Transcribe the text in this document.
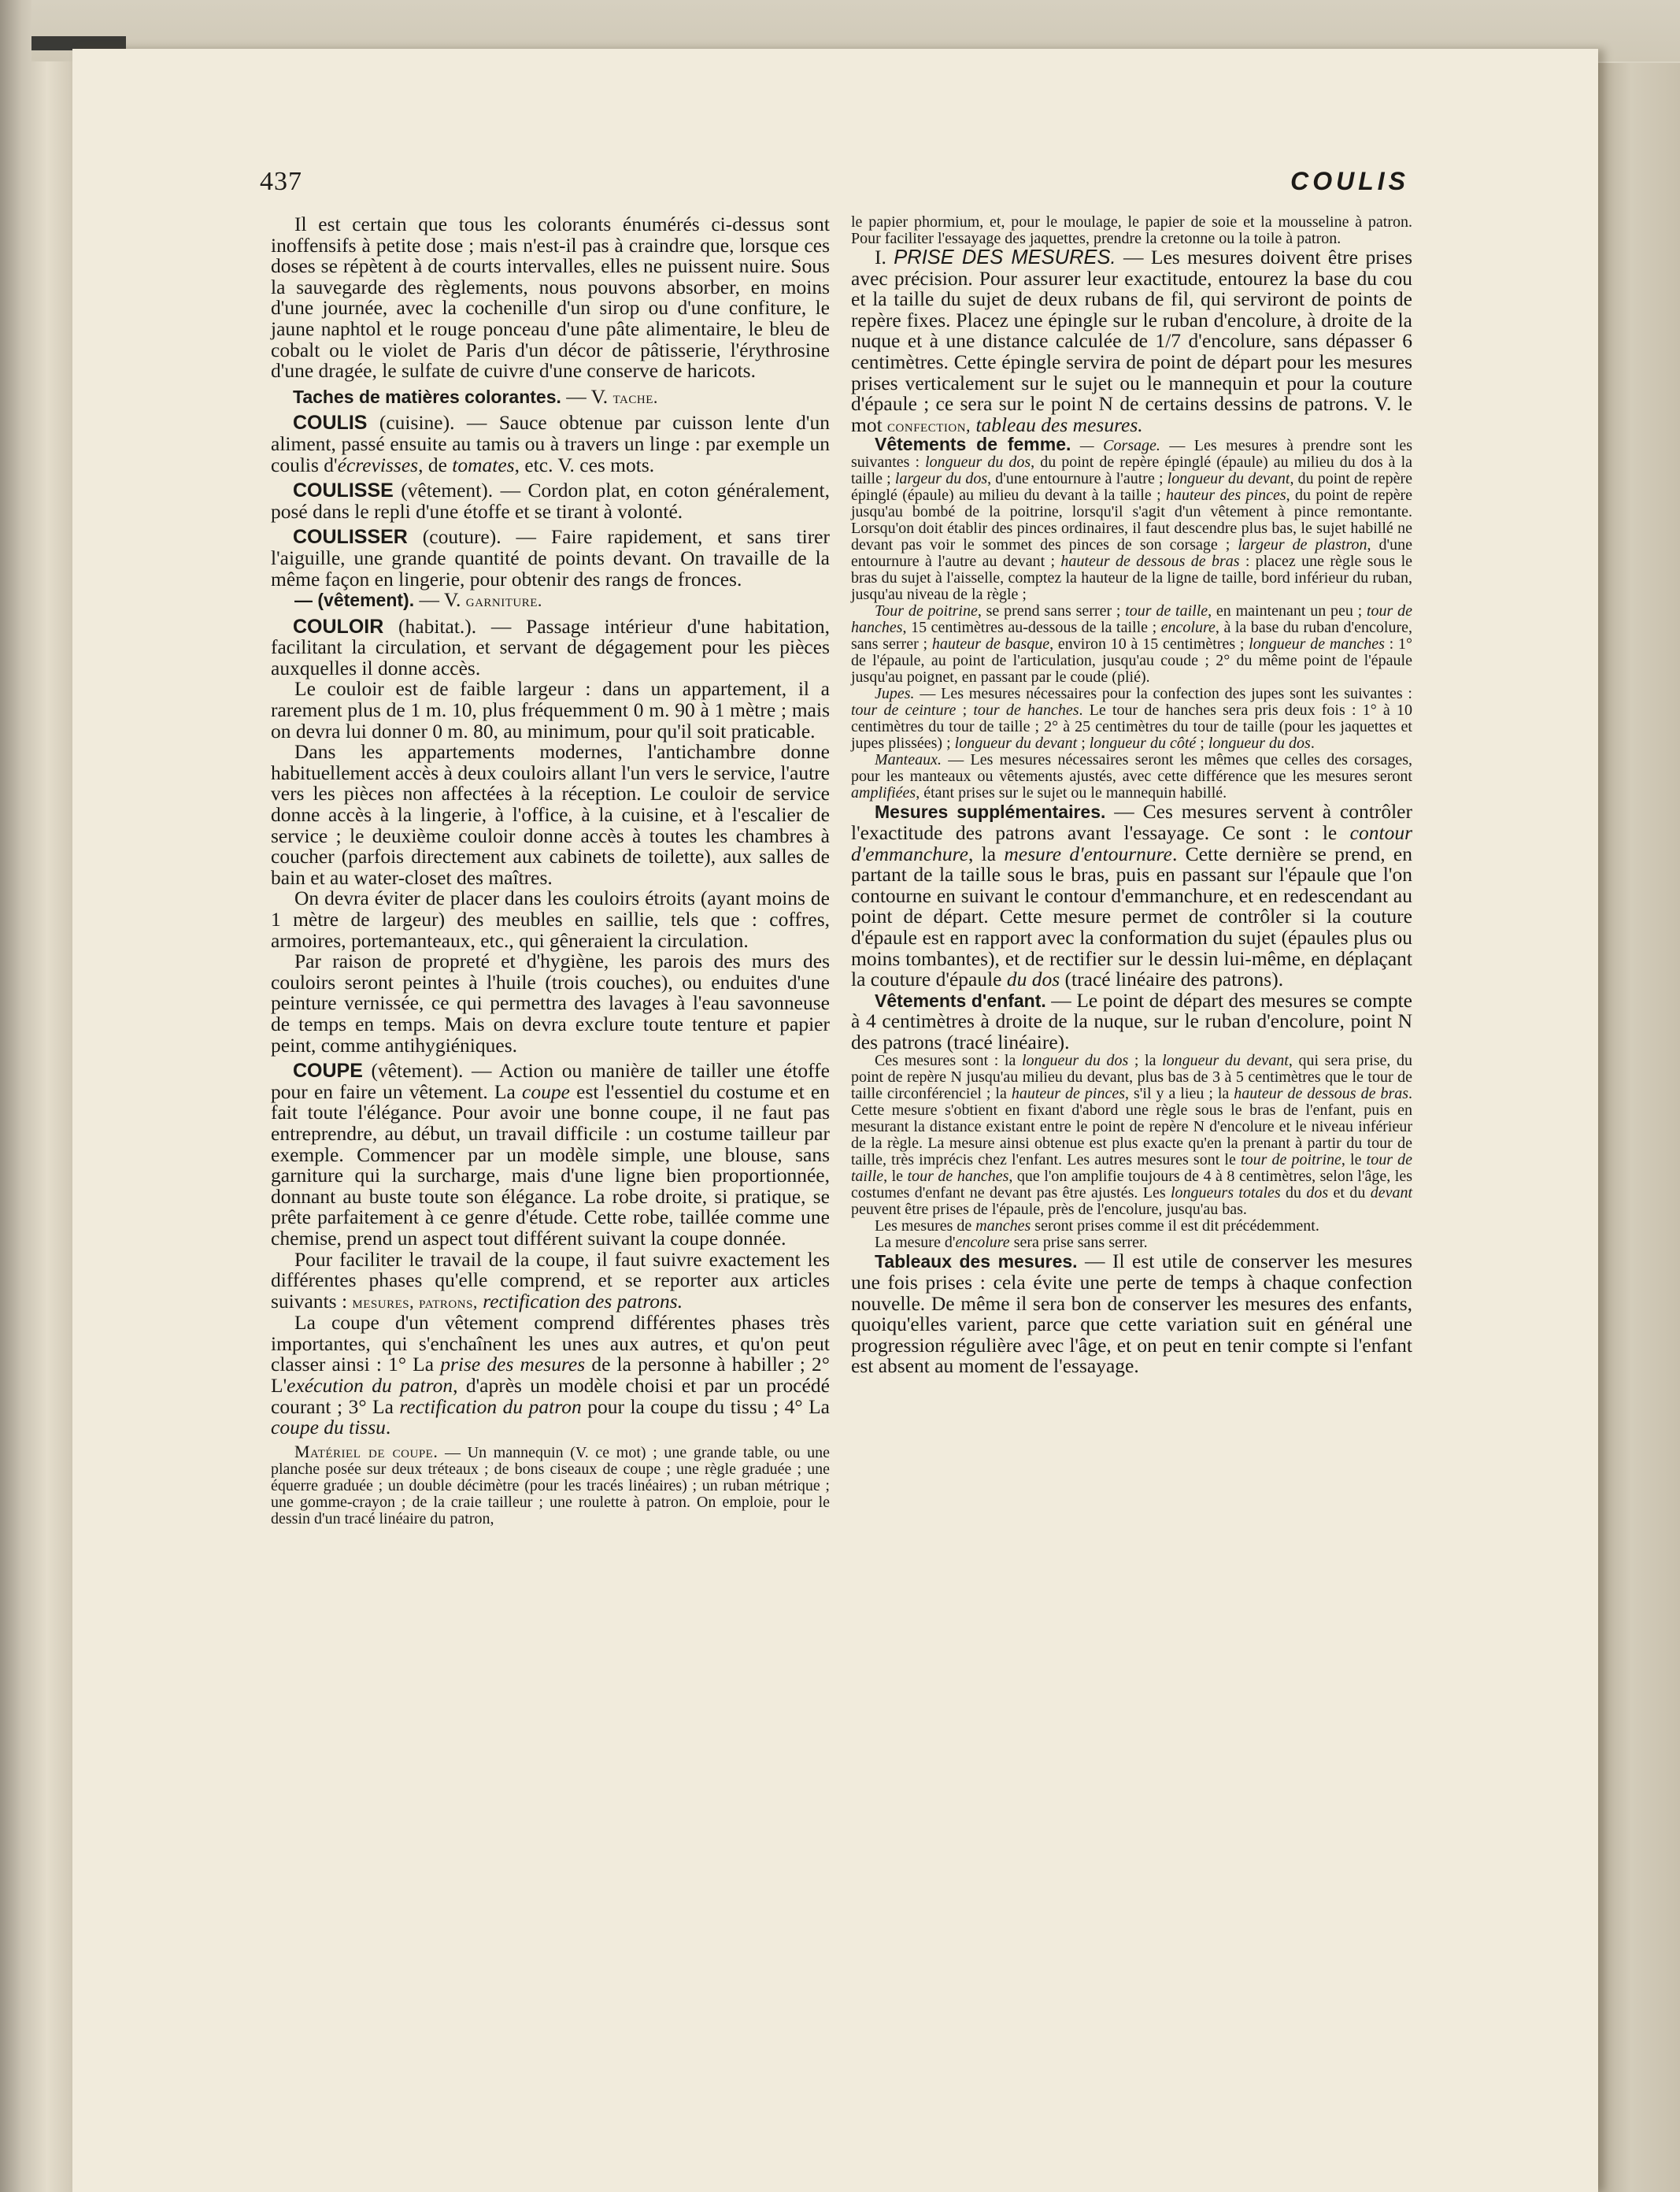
437	COULIS

Il est certain que tous les colorants énumérés ci-dessus sont inoffensifs à petite dose ; mais n'est-il pas à craindre que, lorsque ces doses se répètent à de courts intervalles, elles ne puissent nuire. Sous la sauvegarde des règlements, nous pouvons absorber, en moins d'une journée, avec la cochenille d'un sirop ou d'une confiture, le jaune naphtol et le rouge ponceau d'une pâte alimentaire, le bleu de cobalt ou le violet de Paris d'un décor de pâtisserie, l'érythrosine d'une dragée, le sulfate de cuivre d'une conserve de haricots.

Taches de matières colorantes. — V. tache.

COULIS (cuisine). — Sauce obtenue par cuisson lente d'un aliment, passé ensuite au tamis ou à travers un linge : par exemple un coulis d'écrevisses, de tomates, etc. V. ces mots.

COULISSE (vêtement). — Cordon plat, en coton généralement, posé dans le repli d'une étoffe et se tirant à volonté.

COULISSER (couture). — Faire rapidement, et sans tirer l'aiguille, une grande quantité de points devant. On travaille de la même façon en lingerie, pour obtenir des rangs de fronces.

— (vêtement). — V. garniture.

COULOIR (habitat.). — Passage intérieur d'une habitation, facilitant la circulation, et servant de dégagement pour les pièces auxquelles il donne accès.

Le couloir est de faible largeur : dans un appartement, il a rarement plus de 1 m. 10, plus fréquemment 0 m. 90 à 1 mètre ; mais on devra lui donner 0 m. 80, au minimum, pour qu'il soit praticable.

Dans les appartements modernes, l'antichambre donne habituellement accès à deux couloirs allant l'un vers le service, l'autre vers les pièces non affectées à la réception. Le couloir de service donne accès à la lingerie, à l'office, à la cuisine, et à l'escalier de service ; le deuxième couloir donne accès à toutes les chambres à coucher (parfois directement aux cabinets de toilette), aux salles de bain et au water-closet des maîtres.

On devra éviter de placer dans les couloirs étroits (ayant moins de 1 mètre de largeur) des meubles en saillie, tels que : coffres, armoires, portemanteaux, etc., qui gêneraient la circulation.

Par raison de propreté et d'hygiène, les parois des murs des couloirs seront peintes à l'huile (trois couches), ou enduites d'une peinture vernissée, ce qui permettra des lavages à l'eau savonneuse de temps en temps. Mais on devra exclure toute tenture et papier peint, comme antihygiéniques.

COUPE (vêtement). — Action ou manière de tailler une étoffe pour en faire un vêtement. La coupe est l'essentiel du costume et en fait toute l'élégance. Pour avoir une bonne coupe, il ne faut pas entreprendre, au début, un travail difficile : un costume tailleur par exemple. Commencer par un modèle simple, une blouse, sans garniture qui la surcharge, mais d'une ligne bien proportionnée, donnant au buste toute son élégance. La robe droite, si pratique, se prête parfaitement à ce genre d'étude. Cette robe, taillée comme une chemise, prend un aspect tout différent suivant la coupe donnée.

Pour faciliter le travail de la coupe, il faut suivre exactement les différentes phases qu'elle comprend, et se reporter aux articles suivants : mesures, patrons, rectification des patrons.

La coupe d'un vêtement comprend différentes phases très importantes, qui s'enchaînent les unes aux autres, et qu'on peut classer ainsi : 1° La prise des mesures de la personne à habiller ; 2° L'exécution du patron, d'après un modèle choisi et par un procédé courant ; 3° La rectification du patron pour la coupe du tissu ; 4° La coupe du tissu.

Matériel de coupe. — Un mannequin (V. ce mot) ; une grande table, ou une planche posée sur deux tréteaux ; de bons ciseaux de coupe ; une règle graduée ; une équerre graduée ; un double décimètre (pour les tracés linéaires) ; un ruban métrique ; une gomme-crayon ; de la craie tailleur ; une roulette à patron. On emploie, pour le dessin d'un tracé linéaire du patron,

le papier phormium, et, pour le moulage, le papier de soie et la mousseline à patron. Pour faciliter l'essayage des jaquettes, prendre la cretonne ou la toile à patron.

I. PRISE DES MESURES. — Les mesures doivent être prises avec précision. Pour assurer leur exactitude, entourez la base du cou et la taille du sujet de deux rubans de fil, qui serviront de points de repère fixes. Placez une épingle sur le ruban d'encolure, à droite de la nuque et à une distance calculée de 1/7 d'encolure, sans dépasser 6 centimètres. Cette épingle servira de point de départ pour les mesures prises verticalement sur le sujet ou le mannequin et pour la couture d'épaule ; ce sera sur le point N de certains dessins de patrons. V. le mot confection, tableau des mesures.

Vêtements de femme. — Corsage. — Les mesures à prendre sont les suivantes : longueur du dos, du point de repère épinglé (épaule) au milieu du dos à la taille ; largeur du dos, d'une entournure à l'autre ; longueur du devant, du point de repère épinglé (épaule) au milieu du devant à la taille ; hauteur des pinces, du point de repère jusqu'au bombé de la poitrine, lorsqu'il s'agit d'un vêtement à pince remontante. Lorsqu'on doit établir des pinces ordinaires, il faut descendre plus bas, le sujet habillé ne devant pas voir le sommet des pinces de son corsage ; largeur de plastron, d'une entournure à l'autre au devant ; hauteur de dessous de bras : placez une règle sous le bras du sujet à l'aisselle, comptez la hauteur de la ligne de taille, bord inférieur du ruban, jusqu'au niveau de la règle ;

Tour de poitrine, se prend sans serrer ; tour de taille, en maintenant un peu ; tour de hanches, 15 centimètres au-dessous de la taille ; encolure, à la base du ruban d'encolure, sans serrer ; hauteur de basque, environ 10 à 15 centimètres ; longueur de manches : 1° de l'épaule, au point de l'articulation, jusqu'au coude ; 2° du même point de l'épaule jusqu'au poignet, en passant par le coude (plié).

Jupes. — Les mesures nécessaires pour la confection des jupes sont les suivantes : tour de ceinture ; tour de hanches. Le tour de hanches sera pris deux fois : 1° à 10 centimètres du tour de taille ; 2° à 25 centimètres du tour de taille (pour les jaquettes et jupes plissées) ; longueur du devant ; longueur du côté ; longueur du dos.

Manteaux. — Les mesures nécessaires seront les mêmes que celles des corsages, pour les manteaux ou vêtements ajustés, avec cette différence que les mesures seront amplifiées, étant prises sur le sujet ou le mannequin habillé.

Mesures supplémentaires. — Ces mesures servent à contrôler l'exactitude des patrons avant l'essayage. Ce sont : le contour d'emmanchure, la mesure d'entournure. Cette dernière se prend, en partant de la taille sous le bras, puis en passant sur l'épaule que l'on contourne en suivant le contour d'emmanchure, et en redescendant au point de départ. Cette mesure permet de contrôler si la couture d'épaule est en rapport avec la conformation du sujet (épaules plus ou moins tombantes), et de rectifier sur le dessin lui-même, en déplaçant la couture d'épaule du dos (tracé linéaire des patrons).

Vêtements d'enfant. — Le point de départ des mesures se compte à 4 centimètres à droite de la nuque, sur le ruban d'encolure, point N des patrons (tracé linéaire).

Ces mesures sont : la longueur du dos ; la longueur du devant, qui sera prise, du point de repère N jusqu'au milieu du devant, plus bas de 3 à 5 centimètres que le tour de taille circonférenciel ; la hauteur de pinces, s'il y a lieu ; la hauteur de dessous de bras. Cette mesure s'obtient en fixant d'abord une règle sous le bras de l'enfant, puis en mesurant la distance existant entre le point de repère N d'encolure et le niveau inférieur de la règle. La mesure ainsi obtenue est plus exacte qu'en la prenant à partir du tour de taille, très imprécis chez l'enfant. Les autres mesures sont le tour de poitrine, le tour de taille, le tour de hanches, que l'on amplifie toujours de 4 à 8 centimètres, selon l'âge, les costumes d'enfant ne devant pas être ajustés. Les longueurs totales du dos et du devant peuvent être prises de l'épaule, près de l'encolure, jusqu'au bas.

Les mesures de manches seront prises comme il est dit précédemment.

La mesure d'encolure sera prise sans serrer.

Tableaux des mesures. — Il est utile de conserver les mesures une fois prises : cela évite une perte de temps à chaque confection nouvelle. De même il sera bon de conserver les mesures des enfants, quoiqu'elles varient, parce que cette variation suit en général une progression régulière avec l'âge, et on peut en tenir compte si l'enfant est absent au moment de l'essayage.
